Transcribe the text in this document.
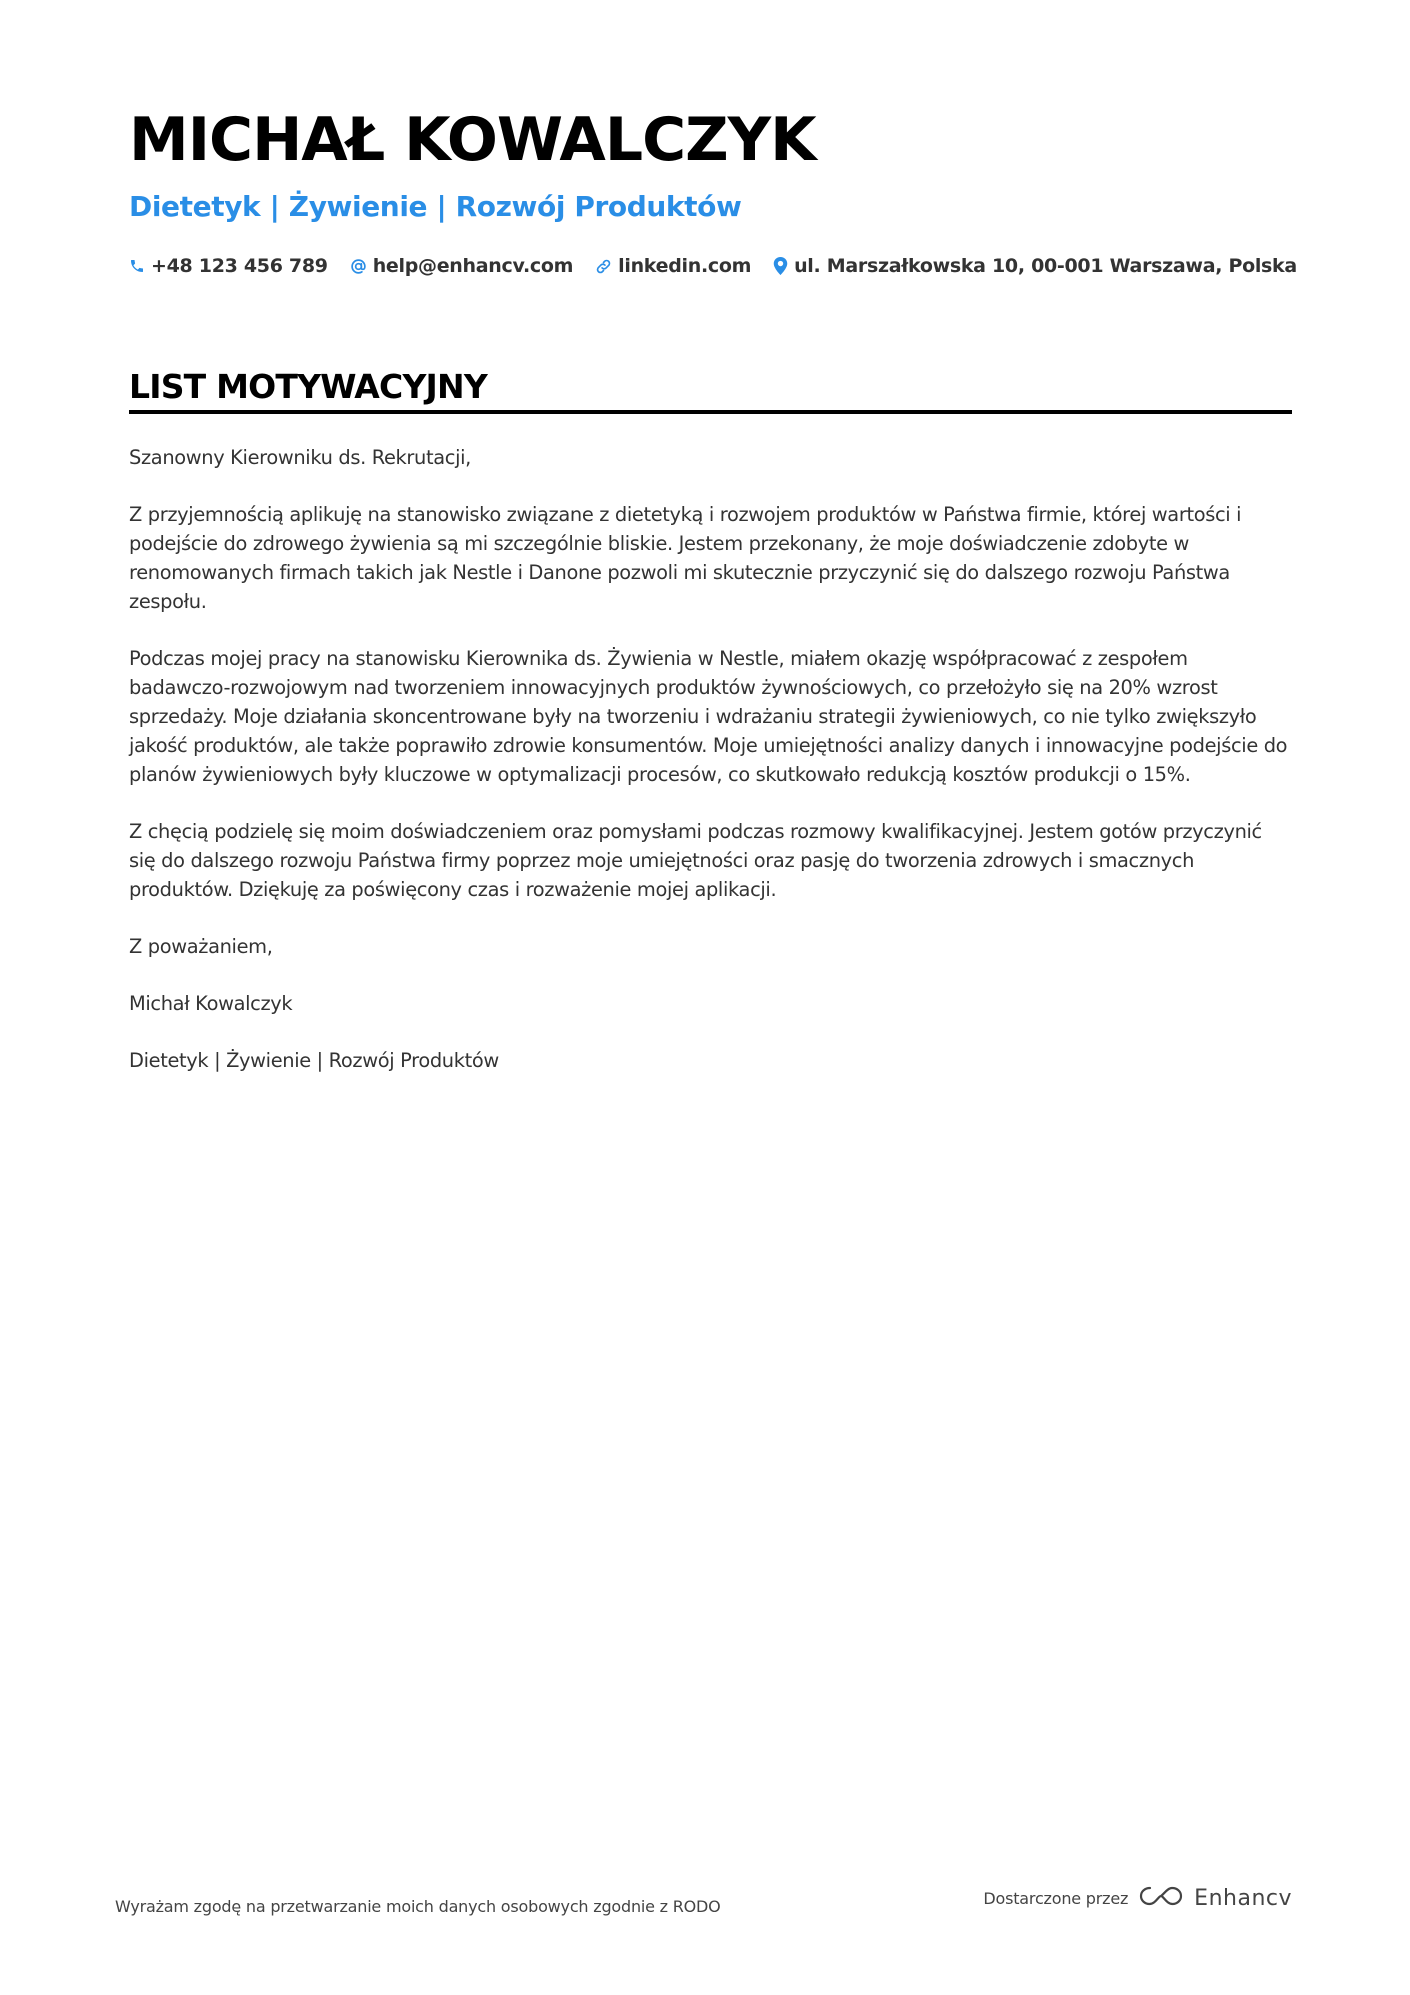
MICHAŁ KOWALCZYK
Dietetyk | Żywienie | Rozwój Produktów
+48 123 456 789 help@enhancv.com linkedin.com ul. Marszałkowska 10, 00-001 Warszawa, Polska
LIST MOTYWACYJNY

Szanowny Kierowniku ds. Rekrutacji,

Z przyjemnością aplikuję na stanowisko związane z dietetyką i rozwojem produktów w Państwa firmie, której wartości i podejście do zdrowego żywienia są mi szczególnie bliskie. Jestem przekonany, że moje doświadczenie zdobyte w renomowanych firmach takich jak Nestle i Danone pozwoli mi skutecznie przyczynić się do dalszego rozwoju Państwa zespołu.

Podczas mojej pracy na stanowisku Kierownika ds. Żywienia w Nestle, miałem okazję współpracować z zespołem badawczo-rozwojowym nad tworzeniem innowacyjnych produktów żywnościowych, co przełożyło się na 20% wzrost sprzedaży. Moje działania skoncentrowane były na tworzeniu i wdrażaniu strategii żywieniowych, co nie tylko zwiększyło jakość produktów, ale także poprawiło zdrowie konsumentów. Moje umiejętności analizy danych i innowacyjne podejście do planów żywieniowych były kluczowe w optymalizacji procesów, co skutkowało redukcją kosztów produkcji o 15%.

Z chęcią podzielę się moim doświadczeniem oraz pomysłami podczas rozmowy kwalifikacyjnej. Jestem gotów przyczynić się do dalszego rozwoju Państwa firmy poprzez moje umiejętności oraz pasję do tworzenia zdrowych i smacznych produktów. Dziękuję za poświęcony czas i rozważenie mojej aplikacji.

Z poważaniem,

Michał Kowalczyk

Dietetyk | Żywienie | Rozwój Produktów

Wyrażam zgodę na przetwarzanie moich danych osobowych zgodnie z RODO	Dostarczone przez	Enhancv
